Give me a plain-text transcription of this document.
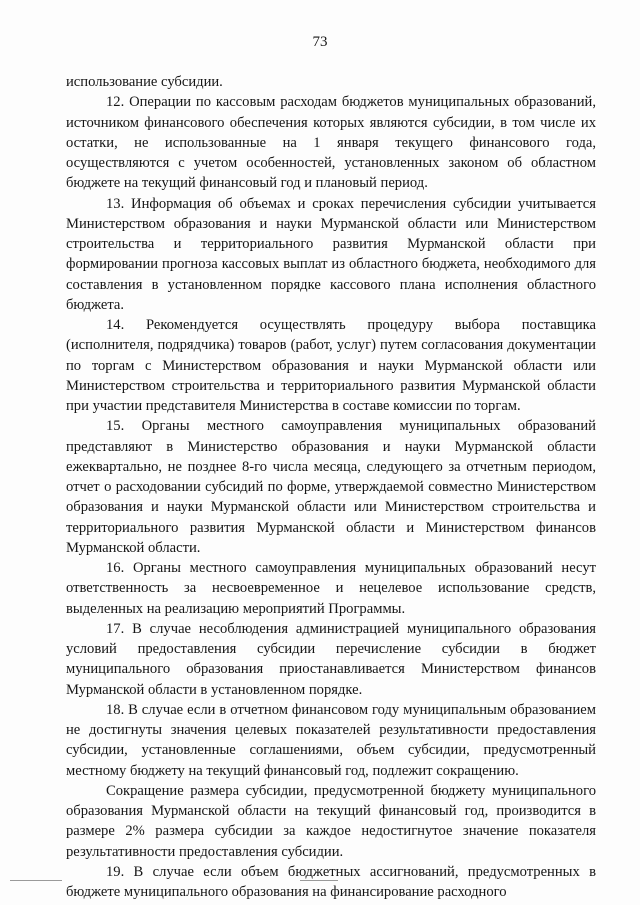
73

использование субсидии.

12. Операции по кассовым расходам бюджетов муниципальных образований, источником финансового обеспечения которых являются субсидии, в том числе их остатки, не использованные на 1 января текущего финансового года, осуществляются с учетом особенностей, установленных законом об областном бюджете на текущий финансовый год и плановый период.

13. Информация об объемах и сроках перечисления субсидии учитывается Министерством образования и науки Мурманской области или Министерством строительства и территориального развития Мурманской области при формировании прогноза кассовых выплат из областного бюджета, необходимого для составления в установленном порядке кассового плана исполнения областного бюджета.

14. Рекомендуется осуществлять процедуру выбора поставщика (исполнителя, подрядчика) товаров (работ, услуг) путем согласования документации по торгам с Министерством образования и науки Мурманской области или Министерством строительства и территориального развития Мурманской области при участии представителя Министерства в составе комиссии по торгам.

15. Органы местного самоуправления муниципальных образований представляют в Министерство образования и науки Мурманской области ежеквартально, не позднее 8-го числа месяца, следующего за отчетным периодом, отчет о расходовании субсидий по форме, утверждаемой совместно Министерством образования и науки Мурманской области или Министерством строительства и территориального развития Мурманской области и Министерством финансов Мурманской области.

16. Органы местного самоуправления муниципальных образований несут ответственность за несвоевременное и нецелевое использование средств, выделенных на реализацию мероприятий Программы.

17. В случае несоблюдения администрацией муниципального образования условий предоставления субсидии перечисление субсидии в бюджет муниципального образования приостанавливается Министерством финансов Мурманской области в установленном порядке.

18. В случае если в отчетном финансовом году муниципальным образованием не достигнуты значения целевых показателей результативности предоставления субсидии, установленные соглашениями, объем субсидии, предусмотренный местному бюджету на текущий финансовый год, подлежит сокращению.

Сокращение размера субсидии, предусмотренной бюджету муниципального образования Мурманской области на текущий финансовый год, производится в размере 2% размера субсидии за каждое недостигнутое значение показателя результативности предоставления субсидии.

19. В случае если объем бюджетных ассигнований, предусмотренных в бюджете муниципального образования на финансирование расходного
